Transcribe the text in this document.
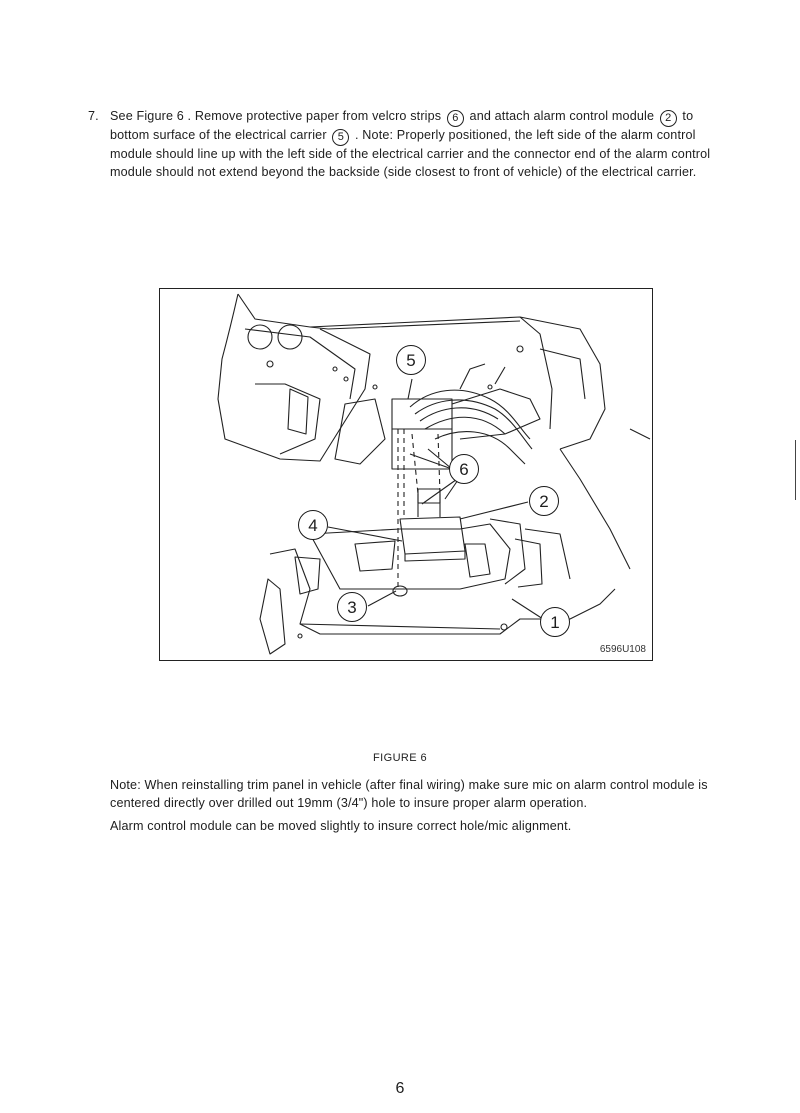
7. See Figure 6 . Remove protective paper from velcro strips 6 and attach alarm control module 2 to bottom surface of the electrical carrier 5 . Note: Properly positioned, the left side of the alarm control module should line up with the left side of the electrical carrier and the connector end of the alarm control module should not extend beyond the backside (side closest to front of vehicle) of the electrical carrier.
5
6
2
4
3
1
6596U108
FIGURE 6
Note: When reinstalling trim panel in vehicle (after final wiring) make sure mic on alarm control module is centered directly over drilled out 19mm (3/4") hole to insure proper alarm operation.
Alarm control module can be moved slightly to insure correct hole/mic alignment.
6
